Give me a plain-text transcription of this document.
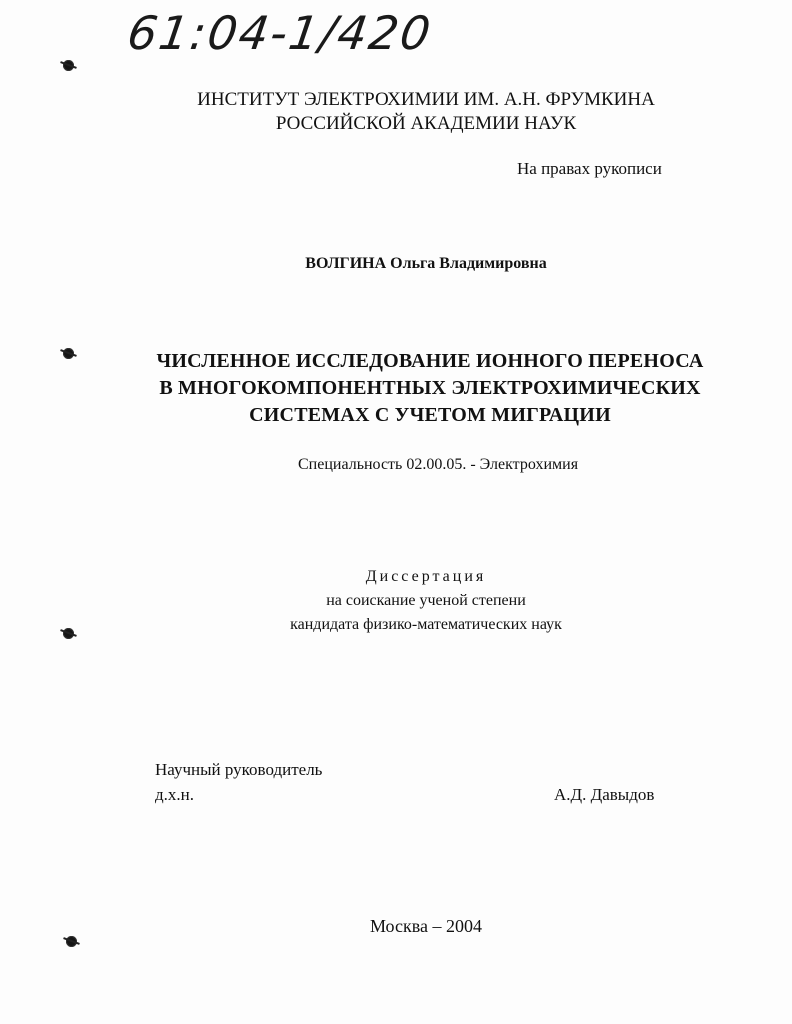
61:04-1/420
ИНСТИТУТ ЭЛЕКТРОХИМИИ ИМ. А.Н. ФРУМКИНА
РОССИЙСКОЙ АКАДЕМИИ НАУК
На правах рукописи
ВОЛГИНА Ольга Владимировна
ЧИСЛЕННОЕ ИССЛЕДОВАНИЕ ИОННОГО ПЕРЕНОСА
В МНОГОКОМПОНЕНТНЫХ ЭЛЕКТРОХИМИЧЕСКИХ
СИСТЕМАХ С УЧЕТОМ МИГРАЦИИ
Специальность 02.00.05. - Электрохимия
Диссертация
на соискание ученой степени
кандидата физико-математических наук
Научный руководитель
д.х.н.	А.Д. Давыдов
Москва – 2004
